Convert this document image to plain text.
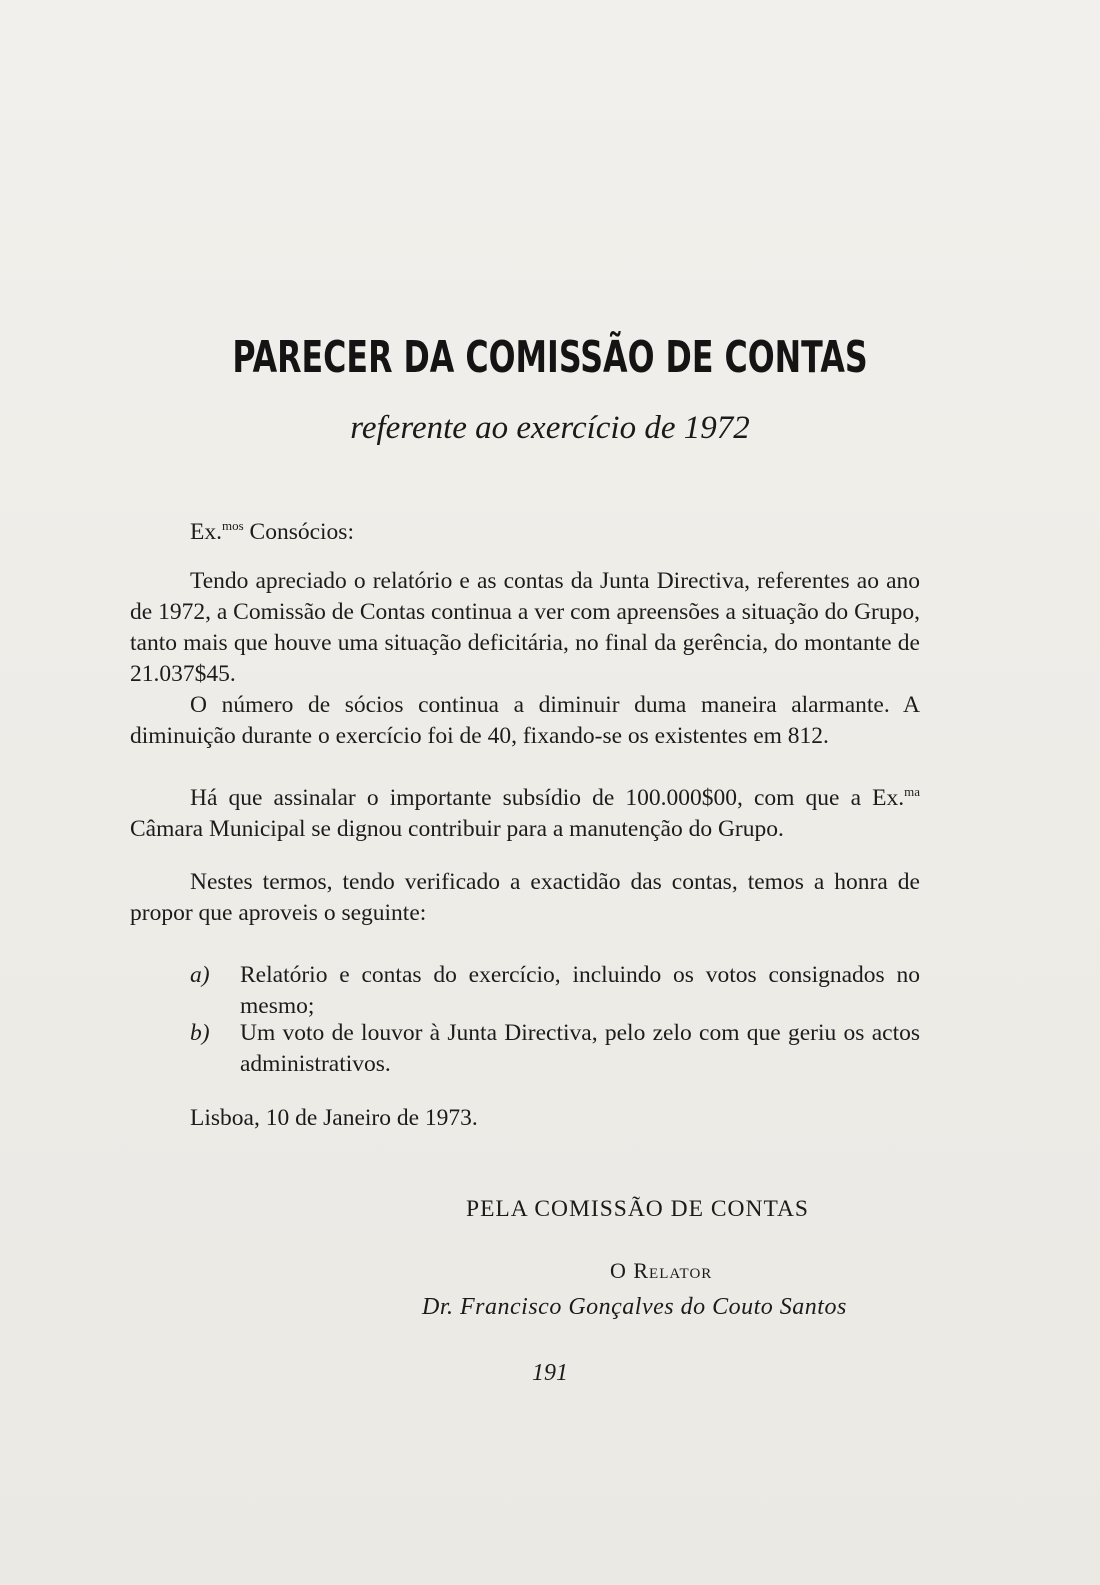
PARECER DA COMISSÃO DE CONTAS
referente ao exercício de 1972
Ex.$^{mos}$ Consócios:
Tendo apreciado o relatório e as contas da Junta Directiva, referentes ao ano de 1972, a Comissão de Contas continua a ver com apreensões a situação do Grupo, tanto mais que houve uma situação deficitária, no final da gerência, do montante de 21.037$45.
O número de sócios continua a diminuir duma maneira alarmante. A diminuição durante o exercício foi de 40, fixando-se os existentes em 812.
Há que assinalar o importante subsídio de 100.000$00, com que a Ex.$^{ma}$ Câmara Municipal se dignou contribuir para a manutenção do Grupo.
Nestes termos, tendo verificado a exactidão das contas, temos a honra de propor que aproveis o seguinte:
a) Relatório e contas do exercício, incluindo os votos consignados no mesmo;
b) Um voto de louvor à Junta Directiva, pelo zelo com que geriu os actos administrativos.
Lisboa, 10 de Janeiro de 1973.
PELA COMISSÃO DE CONTAS
O Relator
Dr. Francisco Gonçalves do Couto Santos
191
